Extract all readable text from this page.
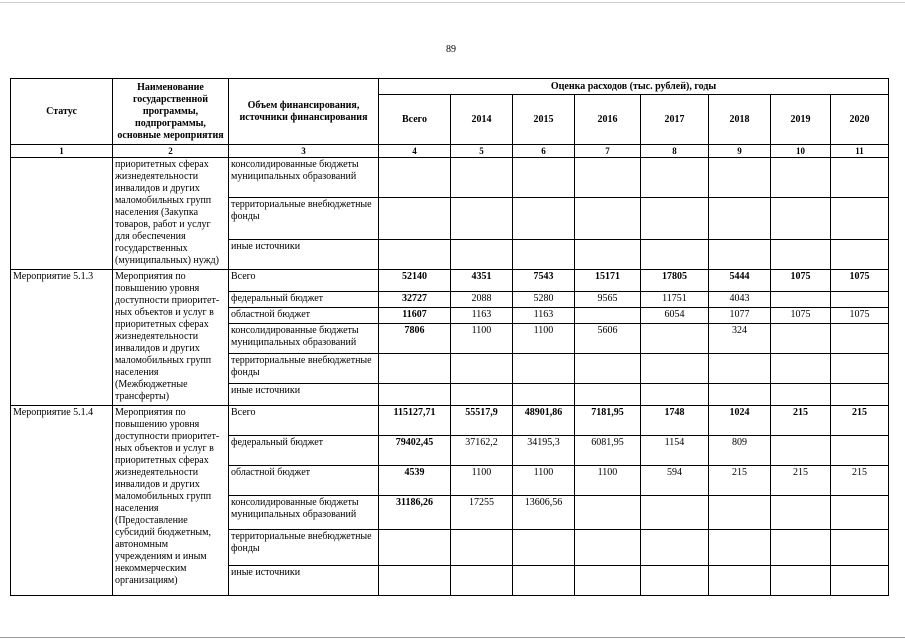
89
Статус	Наименование государственной программы, подпрограммы, основные мероприятия	Объем финансирования, источники финансирования	Оценка расходов (тыс. рублей), годы							
			Всего	2014	2015	2016	2017	2018	2019	2020
1	2	3	4	5	6	7	8	9	10	11
	приоритетных сферах жизнедеятельности инвалидов и других маломобильных групп населения (Закупка товаров, работ и услуг для обеспечения государственных (муниципальных) нужд)	консолидированные бюджеты муниципальных образований								
		территориальные внебюджетные фонды								
		иные источники								
Мероприятие 5.1.3	Мероприятия по повышению уровня доступности приоритет-ных объектов и услуг в приоритетных сферах жизнедеятельности инвалидов и других маломобильных групп населения (Межбюджетные трансферты)	Всего	52140	4351	7543	15171	17805	5444	1075	1075
		федеральный бюджет	32727	2088	5280	9565	11751	4043		
		областной бюджет	11607	1163	1163		6054	1077	1075	1075
		консолидированные бюджеты муниципальных образований	7806	1100	1100	5606		324		
		территориальные внебюджетные фонды								
		иные источники								
Мероприятие 5.1.4	Мероприятия по повышению уровня доступности приоритет-ных объектов и услуг в приоритетных сферах жизнедеятельности инвалидов и других маломобильных групп населения (Предоставление субсидий бюджетным, автономным учреждениям и иным некоммерческим организациям)	Всего	115127,71	55517,9	48901,86	7181,95	1748	1024	215	215
		федеральный бюджет	79402,45	37162,2	34195,3	6081,95	1154	809		
		областной бюджет	4539	1100	1100	1100	594	215	215	215
		консолидированные бюджеты муниципальных образований	31186,26	17255	13606,56					
		территориальные внебюджетные фонды								
		иные источники								
